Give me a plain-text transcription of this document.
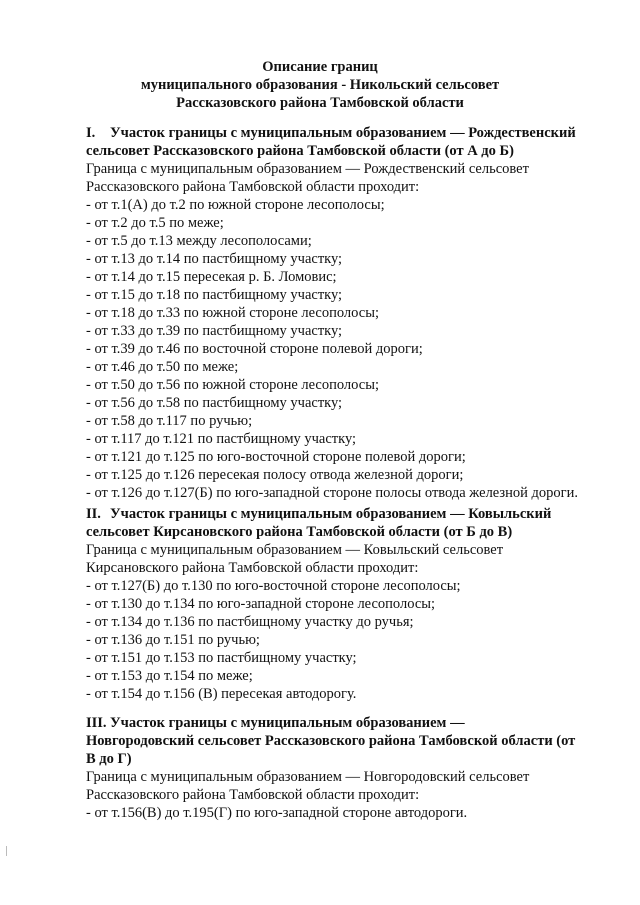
Описание границ
муниципального образования - Никольский сельсовет
Рассказовского района Тамбовской области
I. Участок границы с муниципальным образованием — Рождественский
сельсовет Рассказовского района Тамбовской области (от А до Б)
Граница с муниципальным образованием — Рождественский сельсовет
Рассказовского района Тамбовской области проходит:
- от т.1(А) до т.2 по южной стороне лесополосы;
- от т.2 до т.5 по меже;
- от т.5 до т.13 между лесополосами;
- от т.13 до т.14 по пастбищному участку;
- от т.14 до т.15 пересекая р. Б. Ломовис;
- от т.15 до т.18 по пастбищному участку;
- от т.18 до т.33 по южной стороне лесополосы;
- от т.33 до т.39 по пастбищному участку;
- от т.39 до т.46 по восточной стороне полевой дороги;
- от т.46 до т.50 по меже;
- от т.50 до т.56 по южной стороне лесополосы;
- от т.56 до т.58 по пастбищному участку;
- от т.58 до т.117 по ручью;
- от т.117 до т.121 по пастбищному участку;
- от т.121 до т.125 по юго-восточной стороне полевой дороги;
- от т.125 до т.126 пересекая полосу отвода железной дороги;
- от т.126 до т.127(Б) по юго-западной стороне полосы отвода железной дороги.
II. Участок границы с муниципальным образованием — Ковыльский
сельсовет Кирсановского района Тамбовской области (от Б до В)
Граница с муниципальным образованием — Ковыльский сельсовет
Кирсановского района Тамбовской области проходит:
- от т.127(Б) до т.130 по юго-восточной стороне лесополосы;
- от т.130 до т.134 по юго-западной стороне лесополосы;
- от т.134 до т.136 по пастбищному участку до ручья;
- от т.136 до т.151 по ручью;
- от т.151 до т.153 по пастбищному участку;
- от т.153 до т.154 по меже;
- от т.154 до т.156 (В) пересекая автодорогу.
III. Участок границы с муниципальным образованием —
Новгородовский сельсовет Рассказовского района Тамбовской области (от
В до Г)
Граница с муниципальным образованием — Новгородовский сельсовет
Рассказовского района Тамбовской области проходит:
- от т.156(В) до т.195(Г) по юго-западной стороне автодороги.
